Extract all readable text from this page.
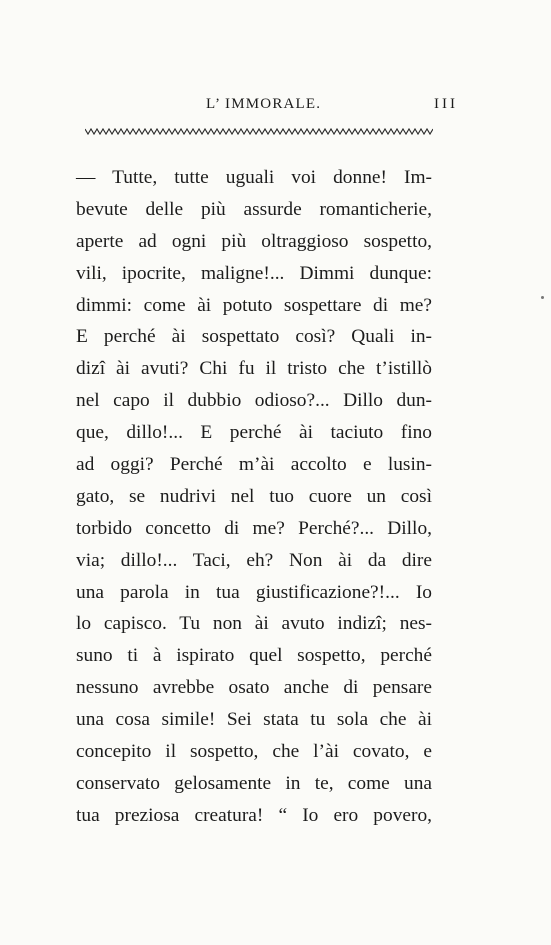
L’ IMMORALE.	III
— Tutte, tutte uguali voi donne! Im-
bevute delle più assurde romanticherie,
aperte ad ogni più oltraggioso sospetto,
vili, ipocrite, maligne!... Dimmi dunque:
dimmi: come ài potuto sospettare di me?
E perché ài sospettato così? Quali in-
dizî ài avuti? Chi fu il tristo che t’istillò
nel capo il dubbio odioso?... Dillo dun-
que, dillo!... E perché ài taciuto fino
ad oggi? Perché m’ài accolto e lusin-
gato, se nudrivi nel tuo cuore un così
torbido concetto di me? Perché?... Dillo,
via; dillo!... Taci, eh? Non ài da dire
una parola in tua giustificazione?!... Io
lo capisco. Tu non ài avuto indizî; nes-
suno ti à ispirato quel sospetto, perché
nessuno avrebbe osato anche di pensare
una cosa simile! Sei stata tu sola che ài
concepito il sospetto, che l’ài covato, e
conservato gelosamente in te, come una
tua preziosa creatura! “ Io ero povero,
